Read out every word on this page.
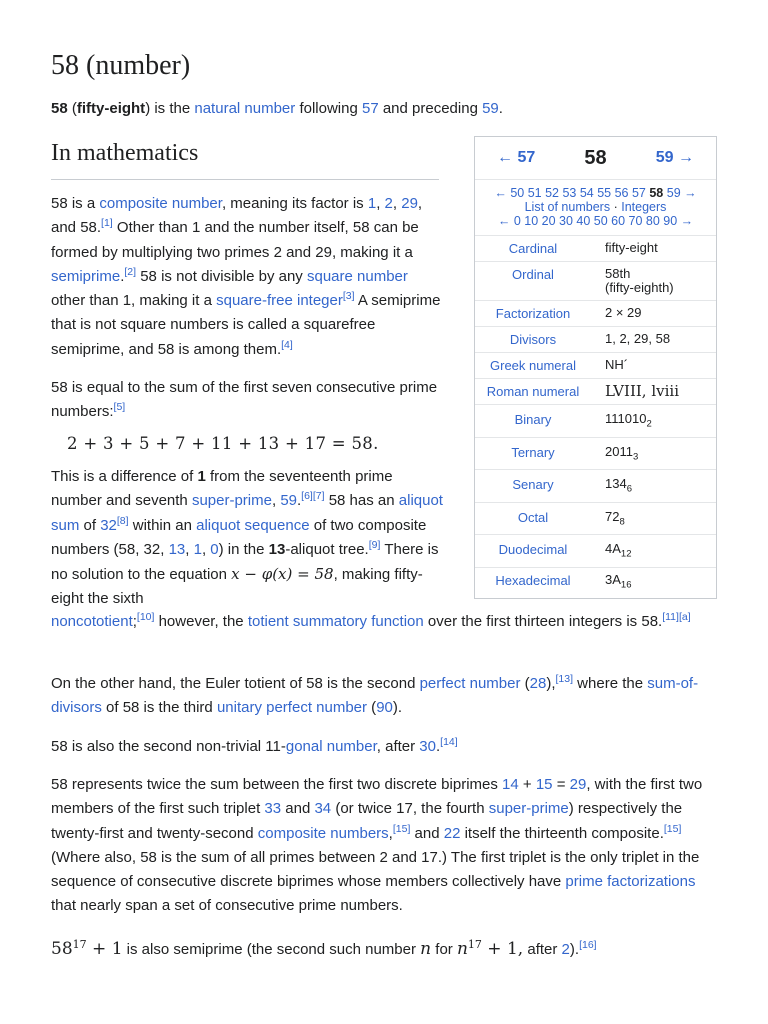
58 (number)

58 (fifty-eight) is the natural number following 57 and preceding 59.

In mathematics

58 is a composite number, meaning its factor is 1, 2, 29, and 58.[1] Other than 1 and the number itself, 58 can be formed by multiplying two primes 2 and 29, making it a semiprime.[2] 58 is not divisible by any square number other than 1, making it a square-free integer[3] A semiprime that is not square numbers is called a squarefree semiprime, and 58 is among them.[4]

58 is equal to the sum of the first seven consecutive prime numbers:[5]

2 + 3 + 5 + 7 + 11 + 13 + 17 = 58.
This is a difference of 1 from the seventeenth prime number and seventh super-prime, 59.[6][7] 58 has an aliquot sum of 32[8] within an aliquot sequence of two composite numbers (58, 32, 13, 1, 0) in the 13-aliquot tree.[9] There is no solution to the equation x − φ(x) = 58, making fifty-eight the sixth
noncototient;[10] however, the totient summatory function over the first thirteen integers is 58.[11][a]

On the other hand, the Euler totient of 58 is the second perfect number (28),[13] where the sum-of-divisors of 58 is the third unitary perfect number (90).

58 is also the second non-trivial 11-gonal number, after 30.[14]

58 represents twice the sum between the first two discrete biprimes 14 + 15 = 29, with the first two members of the first such triplet 33 and 34 (or twice 17, the fourth super-prime) respectively the twenty-first and twenty-second composite numbers,[15] and 22 itself the thirteenth composite.[15] (Where also, 58 is the sum of all primes between 2 and 17.) The first triplet is the only triplet in the sequence of consecutive discrete biprimes whose members collectively have prime factorizations that nearly span a set of consecutive prime numbers.

$58^{17} + 1$ is also semiprime (the second such number n for $n^{17} + 1$, after 2).[16]

← 57 58	59 →
← 50 51 52 53 54 55 56 57 58 59 →
List of numbers · Integers
← 0 10 20 30 40 50 60 70 80 90 →
Cardinal	fifty-eight
Ordinal	58th
(fifty-eighth)
Factorization	2 × 29
Divisors	1, 2, 29, 58
Greek numeral	ΝΗ´
Roman numeral	LVIII, lviii
Binary	$111010_2$
Ternary	$2011_3$
Senary	$134_6$
Octal	$72_8$
Duodecimal	$4A_{12}$
Hexadecimal	$3A_{16}$
